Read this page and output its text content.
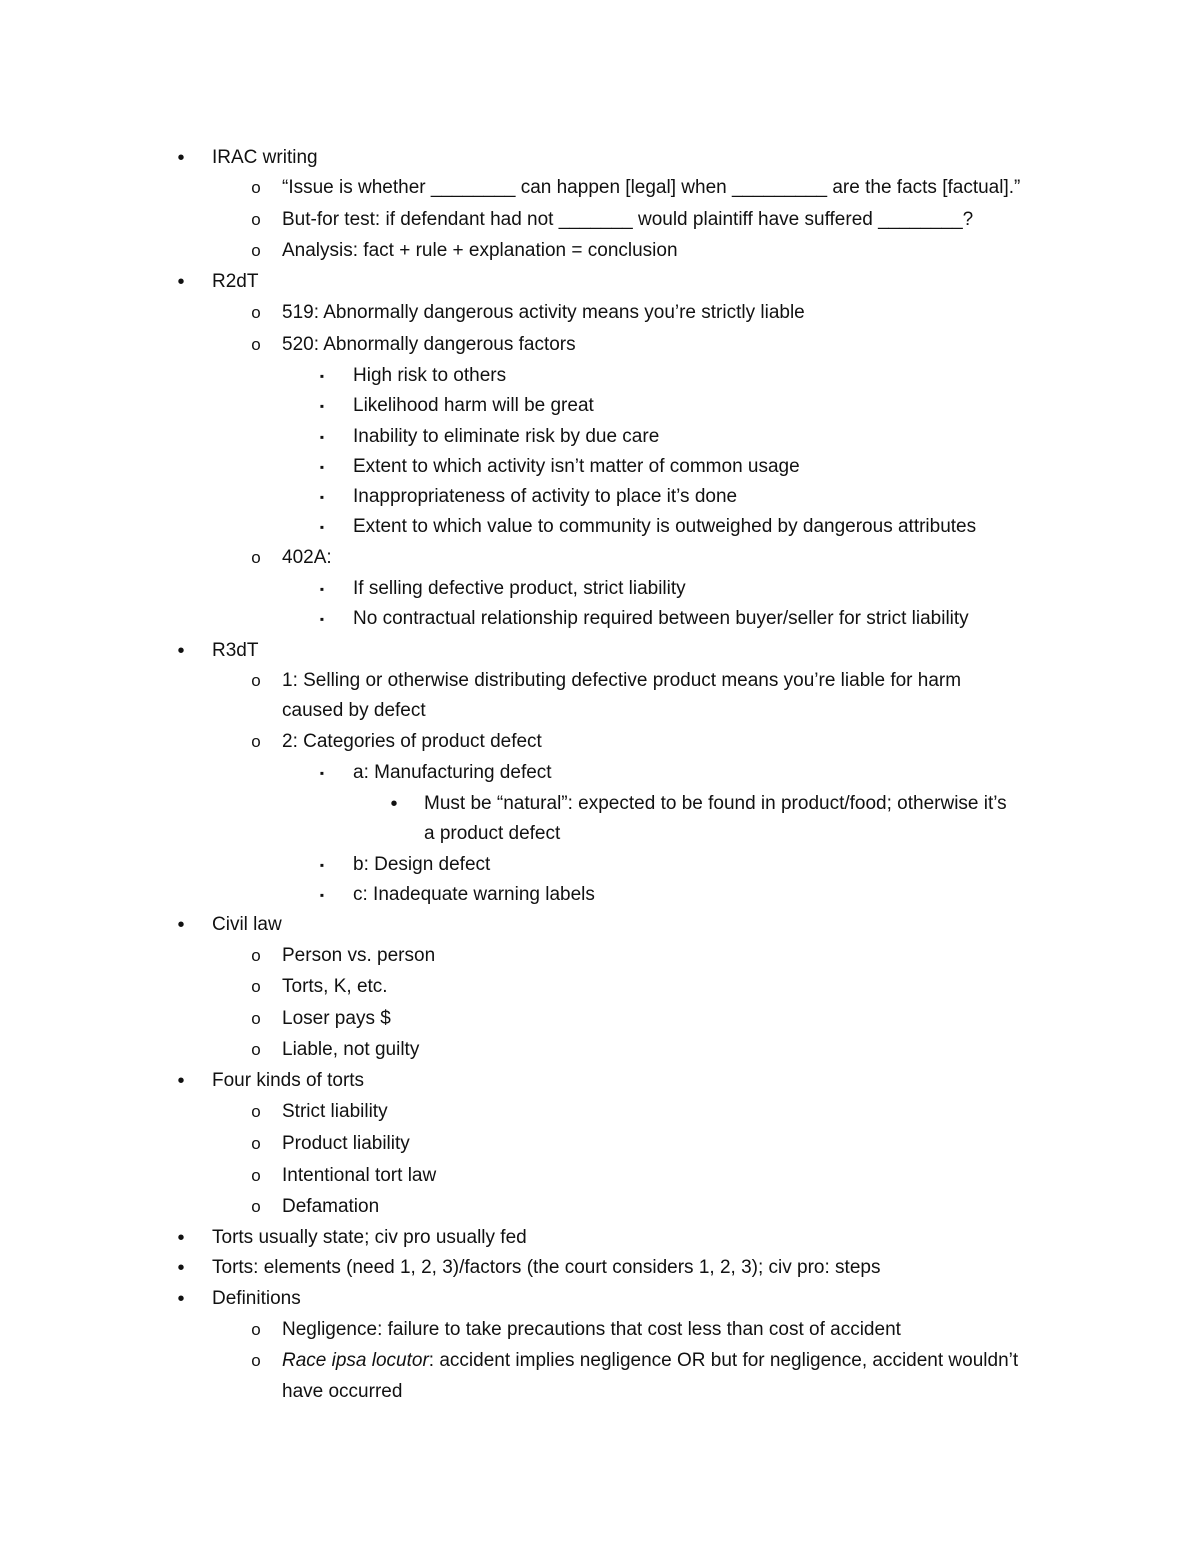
•	IRAC writing
o “Issue is whether ________ can happen [legal] when _________ are the facts [factual].”
o But-for test: if defendant had not _______ would plaintiff have suffered ________?
o Analysis: fact + rule + explanation = conclusion
•	R2dT
o 519: Abnormally dangerous activity means you’re strictly liable
o 520: Abnormally dangerous factors
▪	High risk to others
▪	Likelihood harm will be great
▪	Inability to eliminate risk by due care
▪	Extent to which activity isn’t matter of common usage
▪	Inappropriateness of activity to place it’s done
▪	Extent to which value to community is outweighed by dangerous attributes
o 402A:
▪	If selling defective product, strict liability
▪	No contractual relationship required between buyer/seller for strict liability
•	R3dT
o 1: Selling or otherwise distributing defective product means you’re liable for harm
caused by defect
o 2: Categories of product defect
▪	a: Manufacturing defect
•	Must be “natural”: expected to be found in product/food; otherwise it’s
a product defect
▪	b: Design defect
▪	c: Inadequate warning labels
•	Civil law
o Person vs. person
o Torts, K, etc.
o Loser pays $
o Liable, not guilty
•	Four kinds of torts
o Strict liability
o Product liability
o Intentional tort law
o Defamation
•	Torts usually state; civ pro usually fed
•	Torts: elements (need 1, 2, 3)/factors (the court considers 1, 2, 3); civ pro: steps
•	Definitions
o Negligence: failure to take precautions that cost less than cost of accident
o Race ipsa locutor: accident implies negligence OR but for negligence, accident wouldn’t
have occurred
